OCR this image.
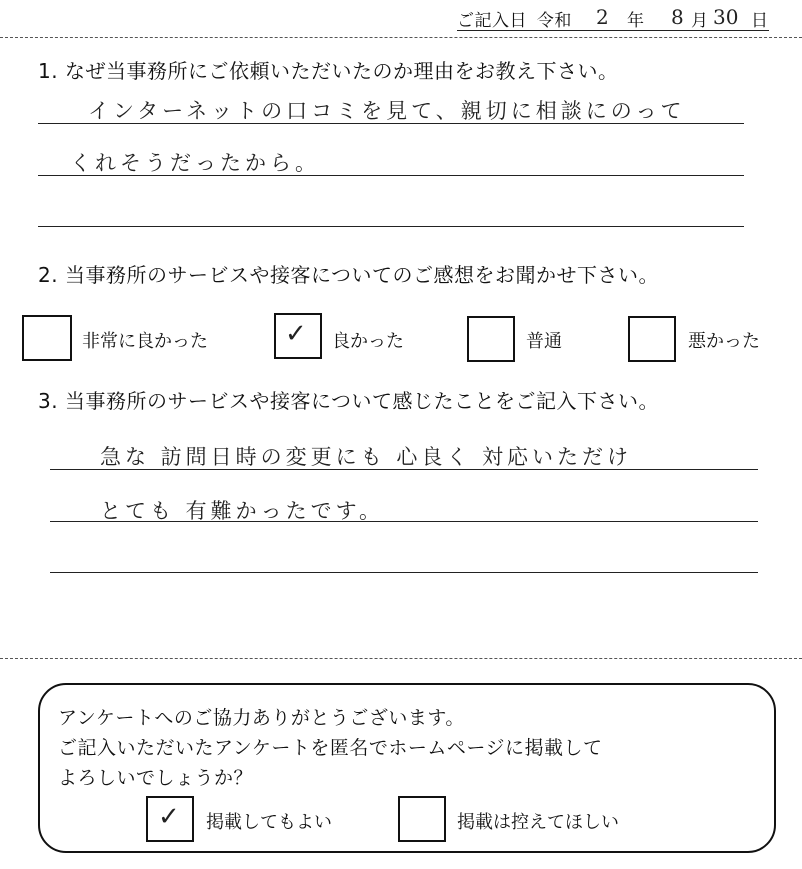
ご記入日 令和 2 年 8 月 30 日
1. なぜ当事務所にご依頼いただいたのか理由をお教え下さい。
インターネットの口コミを見て、親切に相談にのって
くれそうだったから。
2. 当事務所のサービスや接客についてのご感想をお聞かせ下さい。
非常に良かった	✓ 良かった	普通	悪かった
3. 当事務所のサービスや接客について感じたことをご記入下さい。
急な 訪問日時の変更にも 心良く 対応いただけ
とても 有難かったです。
アンケートへのご協力ありがとうございます。
ご記入いただいたアンケートを匿名でホームページに掲載して
よろしいでしょうか？
✓ 掲載してもよい	掲載は控えてほしい
